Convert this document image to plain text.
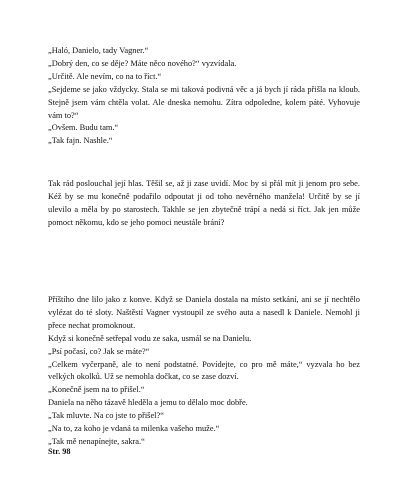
„Haló, Danielo, tady Vagner.“

„Dobrý den, co se děje? Máte něco nového?“ vyzvídala.

„Určitě. Ale nevím, co na to říct.“

„Sejdeme se jako vždycky. Stala se mi taková podivná věc a já bych jí ráda přišla na kloub. Stejně jsem vám chtěla volat. Ale dneska nemohu. Zítra odpoledne, kolem páté. Vyhovuje vám to?“

„Ovšem. Budu tam.“

„Tak fajn. Nashle.“

Tak rád poslouchal její hlas. Těšil se, až ji zase uvidí. Moc by si přál mít ji jenom pro sebe. Kéž by se mu konečně podařilo odpoutat ji od toho nevěrného manžela! Určitě by se jí ulevilo a měla by po starostech. Takhle se jen zbytečně trápí a nedá si říct. Jak jen může pomoct někomu, kdo se jeho pomoci neustále brání?

Příštího dne lilo jako z konve. Když se Daniela dostala na místo setkání, ani se jí nechtělo vylézat do té sloty. Naštěstí Vagner vystoupil ze svého auta a nasedl k Daniele. Nemohl ji přece nechat promoknout.

Když si konečně setřepal vodu ze saka, usmál se na Danielu.

„Psí počasí, co? Jak se máte?“

„Celkem vyčerpaně, ale to není podstatné. Povídejte, co pro mě máte,“ vyzvala ho bez velkých okolků. Už se nemohla dočkat, co se zase dozví.

„Konečně jsem na to přišel.“

Daniela na něho tázavě hleděla a jemu to dělalo moc dobře.

„Tak mluvte. Na co jste to přišel?“

„Na to, za koho je vdaná ta milenka vašeho muže.“

„Tak mě nenapínejte, sakra.“

Str. 98
